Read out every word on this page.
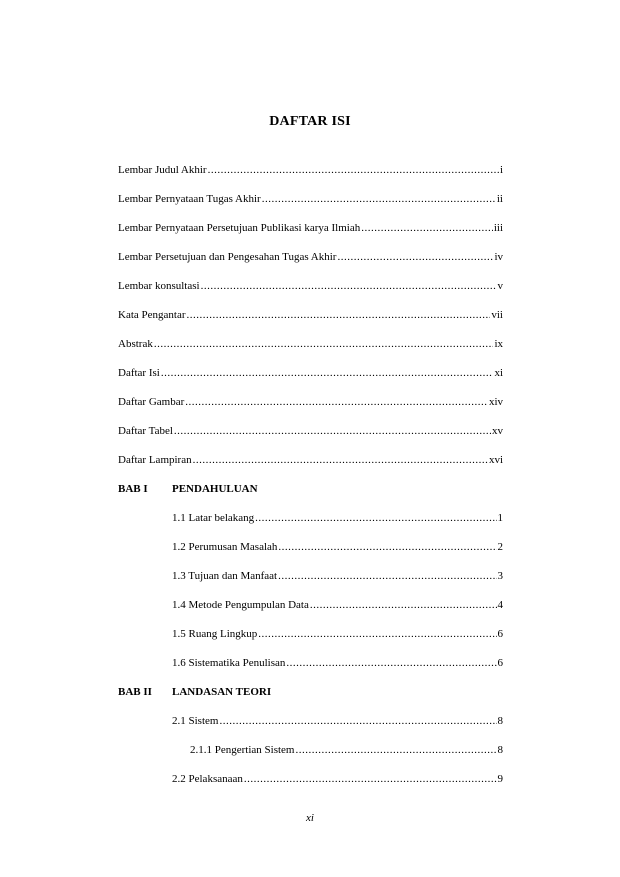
DAFTAR ISI
Lembar Judul Akhir .....	i
Lembar Pernyataan Tugas Akhir .....	ii
Lembar Pernyataan Persetujuan Publikasi karya Ilmiah .....	iii
Lembar Persetujuan dan Pengesahan Tugas Akhir .....	iv
Lembar konsultasi .....	v
Kata Pengantar .....	vii
Abstrak .....	ix
Daftar Isi .....	xi
Daftar Gambar .....	xiv
Daftar Tabel .....	xv
Daftar Lampiran .....	xvi
BAB I PENDAHULUAN
1.1 Latar belakang .....	1
1.2 Perumusan Masalah .....	2
1.3 Tujuan dan Manfaat .....	3
1.4 Metode Pengumpulan Data .....	4
1.5 Ruang Lingkup .....	6
1.6 Sistematika Penulisan .....	6
BAB II LANDASAN TEORI
2.1 Sistem .....	8
2.1.1 Pengertian Sistem .....	8
2.2 Pelaksanaan .....	9
xi
